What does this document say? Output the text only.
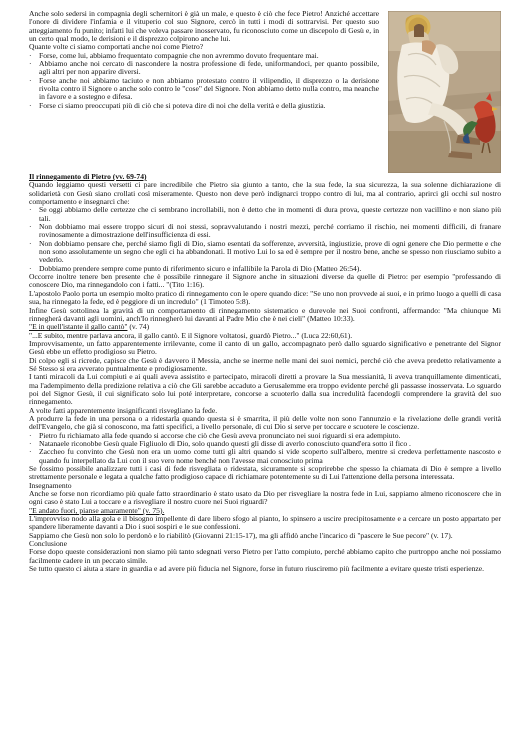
Anche solo sedersi in compagnia degli schernitori è già un male, e questo è ciò che fece Pietro! Anziché accettare l'onore di dividere l'infamia e il vituperio col suo Signore, cercò in tutti i modi di sottrarvisi. Per questo suo atteggiamento fu punito; infatti lui che voleva passare inosservato, fu riconosciuto come un discepolo di Gesù e, in un certo qual modo, le derisioni e il disprezzo colpirono anche lui.

Quante volte ci siamo comportati anche noi come Pietro?

· Forse, come lui, abbiamo frequentato compagnie che non avremmo dovuto frequentare mai.
· Abbiamo anche noi cercato di nascondere la nostra professione di fede, uniformandoci, per quanto possibile, agli altri per non apparire diversi.
· Forse anche noi abbiamo taciuto e non abbiamo protestato contro il vilipendio, il disprezzo o la derisione rivolta contro il Signore o anche solo contro le "cose" del Signore. Non abbiamo detto nulla contro, ma neanche in favore e a sostegno e difesa.
· Forse ci siamo preoccupati più di ciò che si poteva dire di noi che della verità e della giustizia.

Il rinnegamento di Pietro (vv. 69-74)

Quando leggiamo questi versetti ci pare incredibile che Pietro sia giunto a tanto, che la sua fede, la sua sicurezza, la sua solenne dichiarazione di solidarietà con Gesù siano crollati così miseramente. Questo non deve però indignarci troppo contro di lui, ma al contrario, aprirci gli occhi sul nostro comportamento e insegnarci che:

· Se oggi abbiamo delle certezze che ci sembrano incrollabili, non è detto che in momenti di dura prova, queste certezze non vacillino e non siano più tali.
· Non dobbiamo mai essere troppo sicuri di noi stessi, sopravvalutando i nostri mezzi, perché corriamo il rischio, nei momenti difficili, di franare rovinosamente a dimostrazione dell'insufficienza di essi.
· Non dobbiamo pensare che, perché siamo figli di Dio, siamo esentati da sofferenze, avversità, ingiustizie, prove di ogni genere che Dio permette e che non sono assolutamente un segno che egli ci ha abbandonati. Il motivo Lui lo sa ed è sempre per il nostro bene, anche se spesso non riusciamo subito a vederlo.
· Dobbiamo prendere sempre come punto di riferimento sicuro e infallibile la Parola di Dio (Matteo 26:54).

Occorre inoltre tenere ben presente che è possibile rinnegare il Signore anche in situazioni diverse da quelle di Pietro: per esempio "professando di conoscere Dio, ma rinnegandolo con i fatti... "(Tito 1:16).

L'apostolo Paolo porta un esempio molto pratico di rinnegamento con le opere quando dice: "Se uno non provvede ai suoi, e in primo luogo a quelli di casa sua, ha rinnegato la fede, ed è peggiore di un incredulo" (1 Timoteo 5:8).

Infine Gesù sottolinea la gravità di un comportamento di rinnegamento sistematico e durevole nei Suoi confronti, affermando: "Ma chiunque Mi rinnegherà davanti agli uomini, anch'Io rinnegherò lui davanti al Padre Mio che è nei cieli" (Matteo 10:33).

"E in quell'istante il gallo cantò" (v. 74)

"...E subito, mentre parlava ancora, il gallo cantò. E il Signore voltatosi, guardò Pietro..." (Luca 22:60,61).

Improvvisamente, un fatto apparentemente irrilevante, come il canto di un gallo, accompagnato però dallo sguardo significativo e penetrante del Signor Gesù ebbe un effetto prodigioso su Pietro.

Di colpo egli si ricrede, capisce che Gesù è davvero il Messia, anche se inerme nelle mani dei suoi nemici, perché ciò che aveva predetto relativamente a Sé Stesso si era avverato puntualmente e prodigiosamente.

I tanti miracoli da Lui compiuti e ai quali aveva assistito e partecipato, miracoli diretti a provare la Sua messianità, li aveva tranquillamente dimenticati, ma l'adempimento della predizione relativa a ciò che Gli sarebbe accaduto a Gerusalemme era troppo evidente perché gli passasse inosservata. Lo sguardo poi del Signor Gesù, il cui significato solo lui poté interpretare, concorse a scuoterlo dalla sua incredulità facendogli comprendere la gravità del suo rinnegamento.

A volte fatti apparentemente insignificanti risvegliano la fede.

A produrre la fede in una persona o a ridestarla quando questa si è smarrita, il più delle volte non sono l'annunzio e la rivelazione delle grandi verità dell'Evangelo, che già si conoscono, ma fatti specifici, a livello personale, di cui Dio si serve per toccare e scuotere le coscienze.

· Pietro fu richiamato alla fede quando si accorse che ciò che Gesù aveva pronunciato nei suoi riguardi si era adempiuto.
· Natanaele riconobbe Gesù quale Figliuolo di Dio, solo quando questi gli disse di averlo conosciuto quand'era sotto il fico .
· Zaccheo fu convinto che Gesù non era un uomo come tutti gli altri quando si vide scoperto sull'albero, mentre si credeva perfettamente nascosto e quando fu interpellato da Lui con il suo vero nome benché non l'avesse mai conosciuto prima

Se fossimo possibile analizzare tutti i casi di fede risvegliata o ridestata, sicuramente si scoprirebbe che spesso la chiamata di Dio è sempre a livello strettamente personale e legata a qualche fatto prodigioso capace di richiamare potentemente su di Lui l'attenzione della persona interessata.

Insegnamento

Anche se forse non ricordiamo più quale fatto straordinario è stato usato da Dio per risvegliare la nostra fede in Lui, sappiamo almeno riconoscere che in ogni caso è stato Lui a toccare e a risvegliare il nostro cuore nei Suoi riguardi?

"E andato fuori, pianse amaramente" (v. 75).

L'improvviso nodo alla gola e il bisogno impellente di dare libero sfogo al pianto, lo spinsero a uscire precipitosamente e a cercare un posto appartato per spandere liberamente davanti a Dio i suoi sospiri e le sue confessioni.

Sappiamo che Gesù non solo lo perdonò e lo riabilitò (Giovanni 21:15-17), ma gli affidò anche l'incarico di "pascere le Sue pecore" (v. 17).

Conclusione

Forse dopo queste considerazioni non siamo più tanto sdegnati verso Pietro per l'atto compiuto, perché abbiamo capito che purtroppo anche noi possiamo facilmente cadere in un peccato simile.

Se tutto questo ci aiuta a stare in guardia e ad avere più fiducia nel Signore, forse in futuro riusciremo più facilmente a evitare queste tristi esperienze.
